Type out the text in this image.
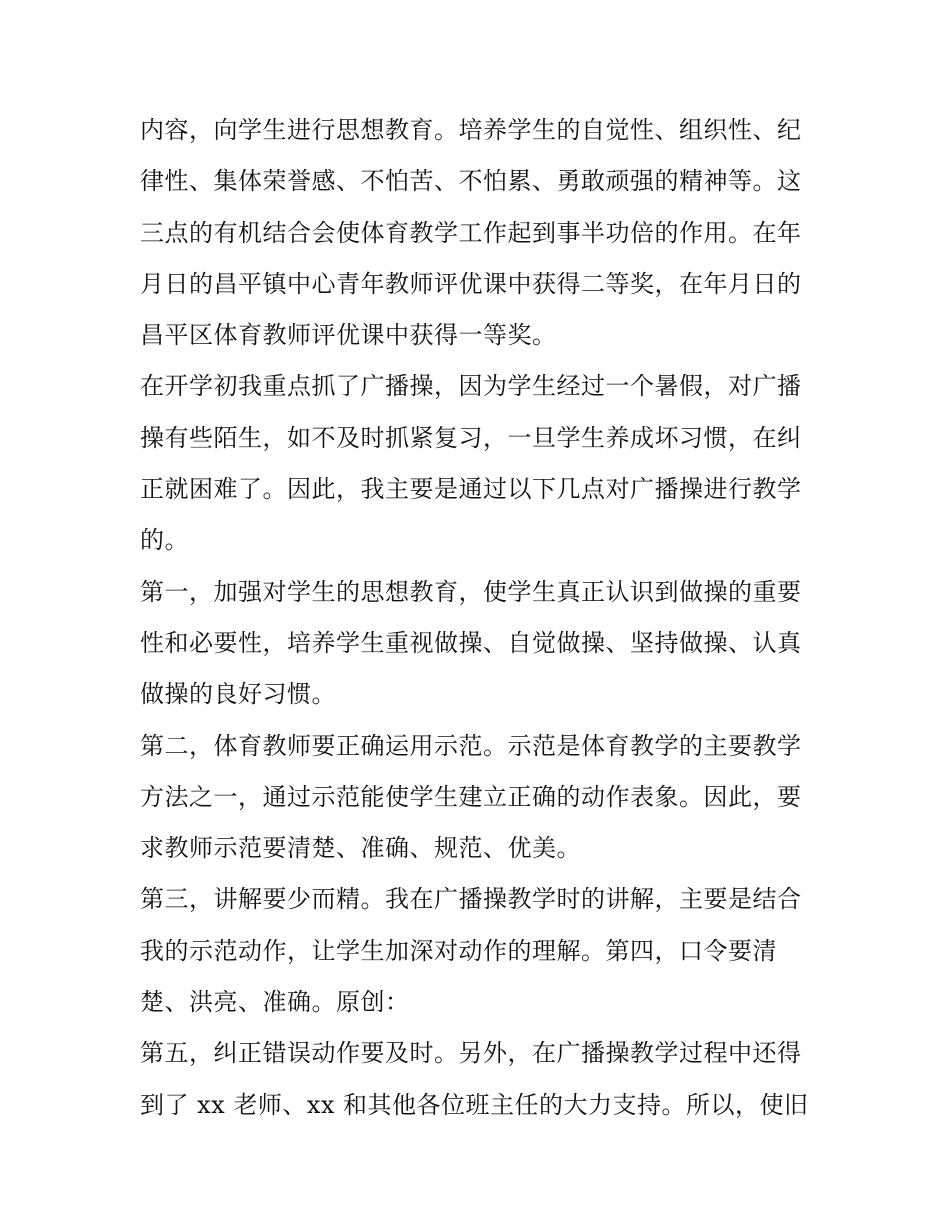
内容，向学生进行思想教育。培养学生的自觉性、组织性、纪
律性、集体荣誉感、不怕苦、不怕累、勇敢顽强的精神等。这
三点的有机结合会使体育教学工作起到事半功倍的作用。在年
月日的昌平镇中心青年教师评优课中获得二等奖，在年月日的
昌平区体育教师评优课中获得一等奖。

在开学初我重点抓了广播操，因为学生经过一个暑假，对广播
操有些陌生，如不及时抓紧复习，一旦学生养成坏习惯，在纠
正就困难了。因此，我主要是通过以下几点对广播操进行教学
的。

第一，加强对学生的思想教育，使学生真正认识到做操的重要
性和必要性，培养学生重视做操、自觉做操、坚持做操、认真
做操的良好习惯。

第二，体育教师要正确运用示范。示范是体育教学的主要教学
方法之一，通过示范能使学生建立正确的动作表象。因此，要
求教师示范要清楚、准确、规范、优美。

第三，讲解要少而精。我在广播操教学时的讲解，主要是结合
我的示范动作，让学生加深对动作的理解。第四，口令要清
楚、洪亮、准确。原创：

第五，纠正错误动作要及时。另外，在广播操教学过程中还得
到了 xx 老师、xx 和其他各位班主任的大力支持。所以，使旧
